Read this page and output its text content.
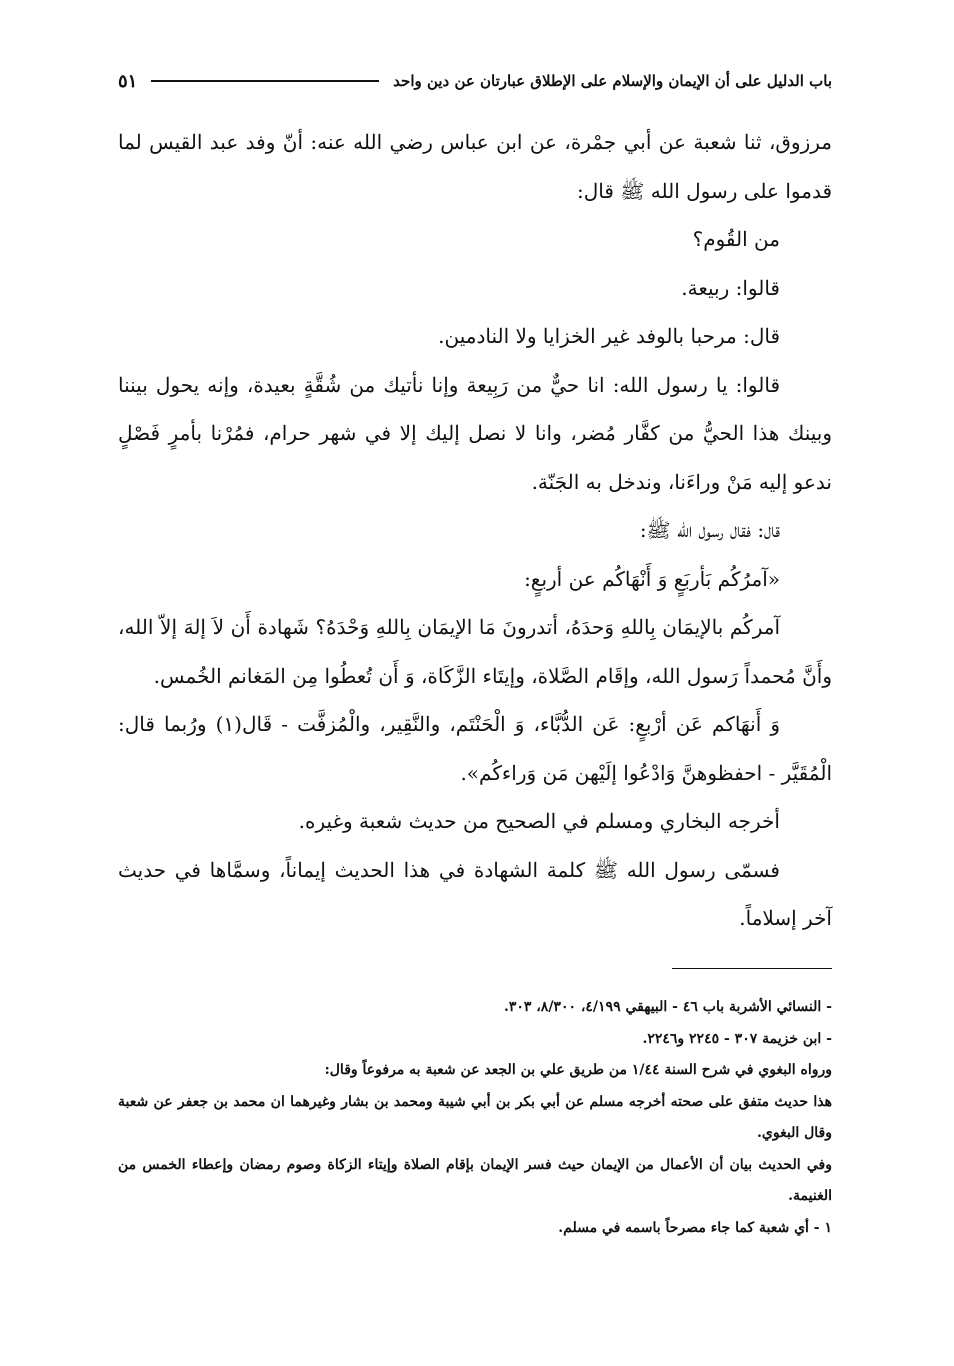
باب الدليل على أن الإيمان والإسلام على الإطلاق عبارتان عن دين واحد
٥١

مرزوق، ثنا شعبة عن أبي جمْرة، عن ابن عباس رضي الله عنه: أنّ وفد عبد القيس لما قدموا على رسول الله ﷺ قال:

من القُوم؟

قالوا: ربيعة.

قال: مرحبا بالوفد غير الخزايا ولا النادمين.

قالوا: يا رسول الله: انا حيٌّ من رَبِيعة وإنا نأتيك من شُقَّةٍ بعيدة، وإنه يحول بيننا وبينك هذا الحيُّ من كفَّار مُضر، وانا لا نصل إليك إلا في شهر حرام، فمُرْنا بأمرٍ فَصْلٍ ندعو إليه مَنْ وراءَنا، وندخل به الجَنّة.

قال: فقال رسول الله ﷺ:

«آمرُكُم بَأربَعٍ وَ أَنْهَاكُم عن أربعٍ:

آمركُم بالإيمَان بِاللهِ وَحدَهُ، أتدرونَ مَا الإيمَان بِاللهِ وَحْدَهُ؟ شَهادة أَن لاَ إلهَ إلاّ الله، وأَنَّ مُحمداً رَسول الله، وإقَام الصَّلاة، وإيتَاء الزَّكَاة، وَ أَن تُعطُوا مِن المَغانم الخُمس.

وَ أَنهَاكم عَن أرْبعٍ: عَن الدُّبَّاء، وَ الْحَنْتَم، والنَّقِير، والْمُزفَّت - قَال(١) ورُبما قال: الْمُقَيَّر - احفظوهنَّ وَادْعُوا إلَيْهن مَن وَراءكُم».

أخرجه البخاري ومسلم في الصحيح من حديث شعبة وغيره.

فسمّى رسول الله ﷺ كلمة الشهادة في هذا الحديث إيماناً، وسمَّاها في حديث آخر إسلاماً.

- النسائي الأشربة باب ٤٦ - البيهقي ٤/١٩٩، ٨/٣٠٠، ٣٠٣.

- ابن خزيمة ٣٠٧ - ٢٢٤٥ و٢٢٤٦.

ورواه البغوي في شرح السنة ١/٤٤ من طريق علي بن الجعد عن شعبة به مرفوعاً وقال:

هذا حديث متفق على صحته أخرجه مسلم عن أبي بكر بن أبي شيبة ومحمد بن بشار وغيرهما ان محمد بن جعفر عن شعبة وقال البغوي.

وفي الحديث بيان أن الأعمال من الإيمان حيث فسر الإيمان بإقام الصلاة وإيتاء الزكاة وصوم رمضان وإعطاء الخمس من الغنيمة.

١ - أي شعبة كما جاء مصرحاً باسمه في مسلم.
